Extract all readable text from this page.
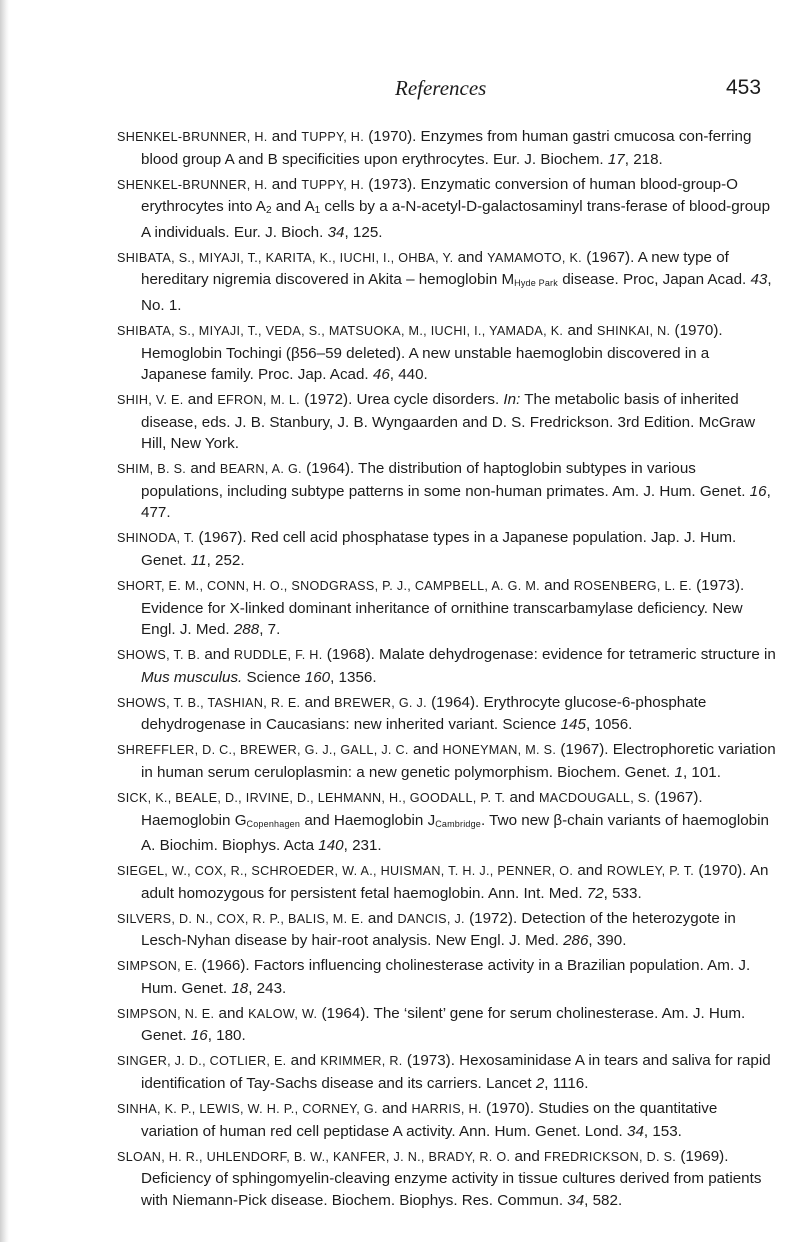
References	453
SHENKEL-BRUNNER, H. and TUPPY, H. (1970). Enzymes from human gastri cmucosa con-ferring blood group A and B specificities upon erythrocytes. Eur. J. Biochem. 17, 218.
SHENKEL-BRUNNER, H. and TUPPY, H. (1973). Enzymatic conversion of human blood-group-O erythrocytes into $A_2$ and $A_1$ cells by a a-N-acetyl-D-galactosaminyl trans-ferase of blood-group A individuals. Eur. J. Bioch. 34, 125.
SHIBATA, S., MIYAJI, T., KARITA, K., IUCHI, I., OHBA, Y. and YAMAMOTO, K. (1967). A new type of hereditary nigremia discovered in Akita – hemoglobin MHyde Park disease. Proc, Japan Acad. 43, No. 1.
SHIBATA, S., MIYAJI, T., VEDA, S., MATSUOKA, M., IUCHI, I., YAMADA, K. and SHINKAI, N. (1970). Hemoglobin Tochingi (β56–59 deleted). A new unstable haemoglobin discovered in a Japanese family. Proc. Jap. Acad. 46, 440.
SHIH, V. E. and EFRON, M. L. (1972). Urea cycle disorders. In: The metabolic basis of inherited disease, eds. J. B. Stanbury, J. B. Wyngaarden and D. S. Fredrickson. 3rd Edition. McGraw Hill, New York.
SHIM, B. S. and BEARN, A. G. (1964). The distribution of haptoglobin subtypes in various populations, including subtype patterns in some non-human primates. Am. J. Hum. Genet. 16, 477.
SHINODA, T. (1967). Red cell acid phosphatase types in a Japanese population. Jap. J. Hum. Genet. 11, 252.
SHORT, E. M., CONN, H. O., SNODGRASS, P. J., CAMPBELL, A. G. M. and ROSENBERG, L. E. (1973). Evidence for X-linked dominant inheritance of ornithine transcarbamylase deficiency. New Engl. J. Med. 288, 7.
SHOWS, T. B. and RUDDLE, F. H. (1968). Malate dehydrogenase: evidence for tetrameric structure in Mus musculus. Science 160, 1356.
SHOWS, T. B., TASHIAN, R. E. and BREWER, G. J. (1964). Erythrocyte glucose-6-phosphate dehydrogenase in Caucasians: new inherited variant. Science 145, 1056.
SHREFFLER, D. C., BREWER, G. J., GALL, J. C. and HONEYMAN, M. S. (1967). Electrophoretic variation in human serum ceruloplasmin: a new genetic polymorphism. Biochem. Genet. 1, 101.
SICK, K., BEALE, D., IRVINE, D., LEHMANN, H., GOODALL, P. T. and MACDOUGALL, S. (1967). Haemoglobin GCopenhagen and Haemoglobin JCambridge. Two new β-chain variants of haemoglobin A. Biochim. Biophys. Acta 140, 231.
SIEGEL, W., COX, R., SCHROEDER, W. A., HUISMAN, T. H. J., PENNER, O. and ROWLEY, P. T. (1970). An adult homozygous for persistent fetal haemoglobin. Ann. Int. Med. 72, 533.
SILVERS, D. N., COX, R. P., BALIS, M. E. and DANCIS, J. (1972). Detection of the heterozygote in Lesch-Nyhan disease by hair-root analysis. New Engl. J. Med. 286, 390.
SIMPSON, E. (1966). Factors influencing cholinesterase activity in a Brazilian population. Am. J. Hum. Genet. 18, 243.
SIMPSON, N. E. and KALOW, W. (1964). The ‘silent’ gene for serum cholinesterase. Am. J. Hum. Genet. 16, 180.
SINGER, J. D., COTLIER, E. and KRIMMER, R. (1973). Hexosaminidase A in tears and saliva for rapid identification of Tay-Sachs disease and its carriers. Lancet 2, 1116.
SINHA, K. P., LEWIS, W. H. P., CORNEY, G. and HARRIS, H. (1970). Studies on the quantitative variation of human red cell peptidase A activity. Ann. Hum. Genet. Lond. 34, 153.
SLOAN, H. R., UHLENDORF, B. W., KANFER, J. N., BRADY, R. O. and FREDRICKSON, D. S. (1969). Deficiency of sphingomyelin-cleaving enzyme activity in tissue cultures derived from patients with Niemann-Pick disease. Biochem. Biophys. Res. Commun. 34, 582.
